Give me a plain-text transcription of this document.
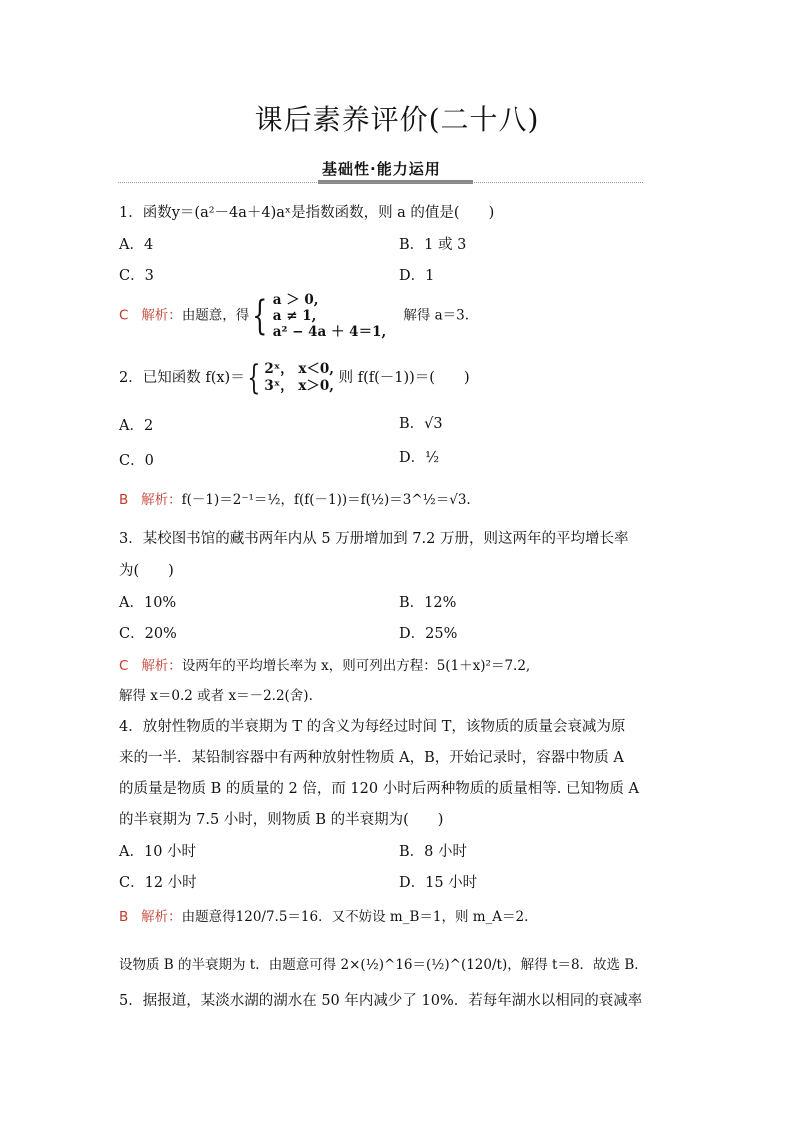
课后素养评价(二十八)
基础性·能力运用
1．函数y＝(a²－4a＋4)aˣ是指数函数，则 a 的值是(　　)
A．4	B．1 或 3
C．3	D．1
C 解析：由题意，得{ a ＞ 0,
a ≠ 1,
a² − 4a ＋ 4＝1,
解得 a＝3.
2．已知函数 f(x)＝{ 2ˣ， x＜0,
3ˣ， x＞0, 则 f(f(－1))＝(　　)
A．2	B．√3
C．0	D．½
B 解析：f(－1)＝2⁻¹＝½，f(f(－1))＝f(½)＝3^½＝√3.
3．某校图书馆的藏书两年内从 5 万册增加到 7.2 万册，则这两年的平均增长率
为(　　)
A．10%	B．12%
C．20%	D．25%
C 解析：设两年的平均增长率为 x，则可列出方程：5(1＋x)²＝7.2,
解得 x＝0.2 或者 x＝－2.2(舍).
4．放射性物质的半衰期为 T 的含义为每经过时间 T，该物质的质量会衰减为原
来的一半．某铅制容器中有两种放射性物质 A，B，开始记录时，容器中物质 A
的质量是物质 B 的质量的 2 倍，而 120 小时后两种物质的质量相等. 已知物质 A
的半衰期为 7.5 小时，则物质 B 的半衰期为(　　)
A．10 小时	B．8 小时
C．12 小时	D．15 小时
B 解析：由题意得120/7.5＝16．又不妨设 m_B＝1，则 m_A＝2.
设物质 B 的半衰期为 t．由题意可得 2×(½)^16＝(½)^(120/t)，解得 t＝8．故选 B．
5．据报道，某淡水湖的湖水在 50 年内减少了 10%．若每年湖水以相同的衰减率
